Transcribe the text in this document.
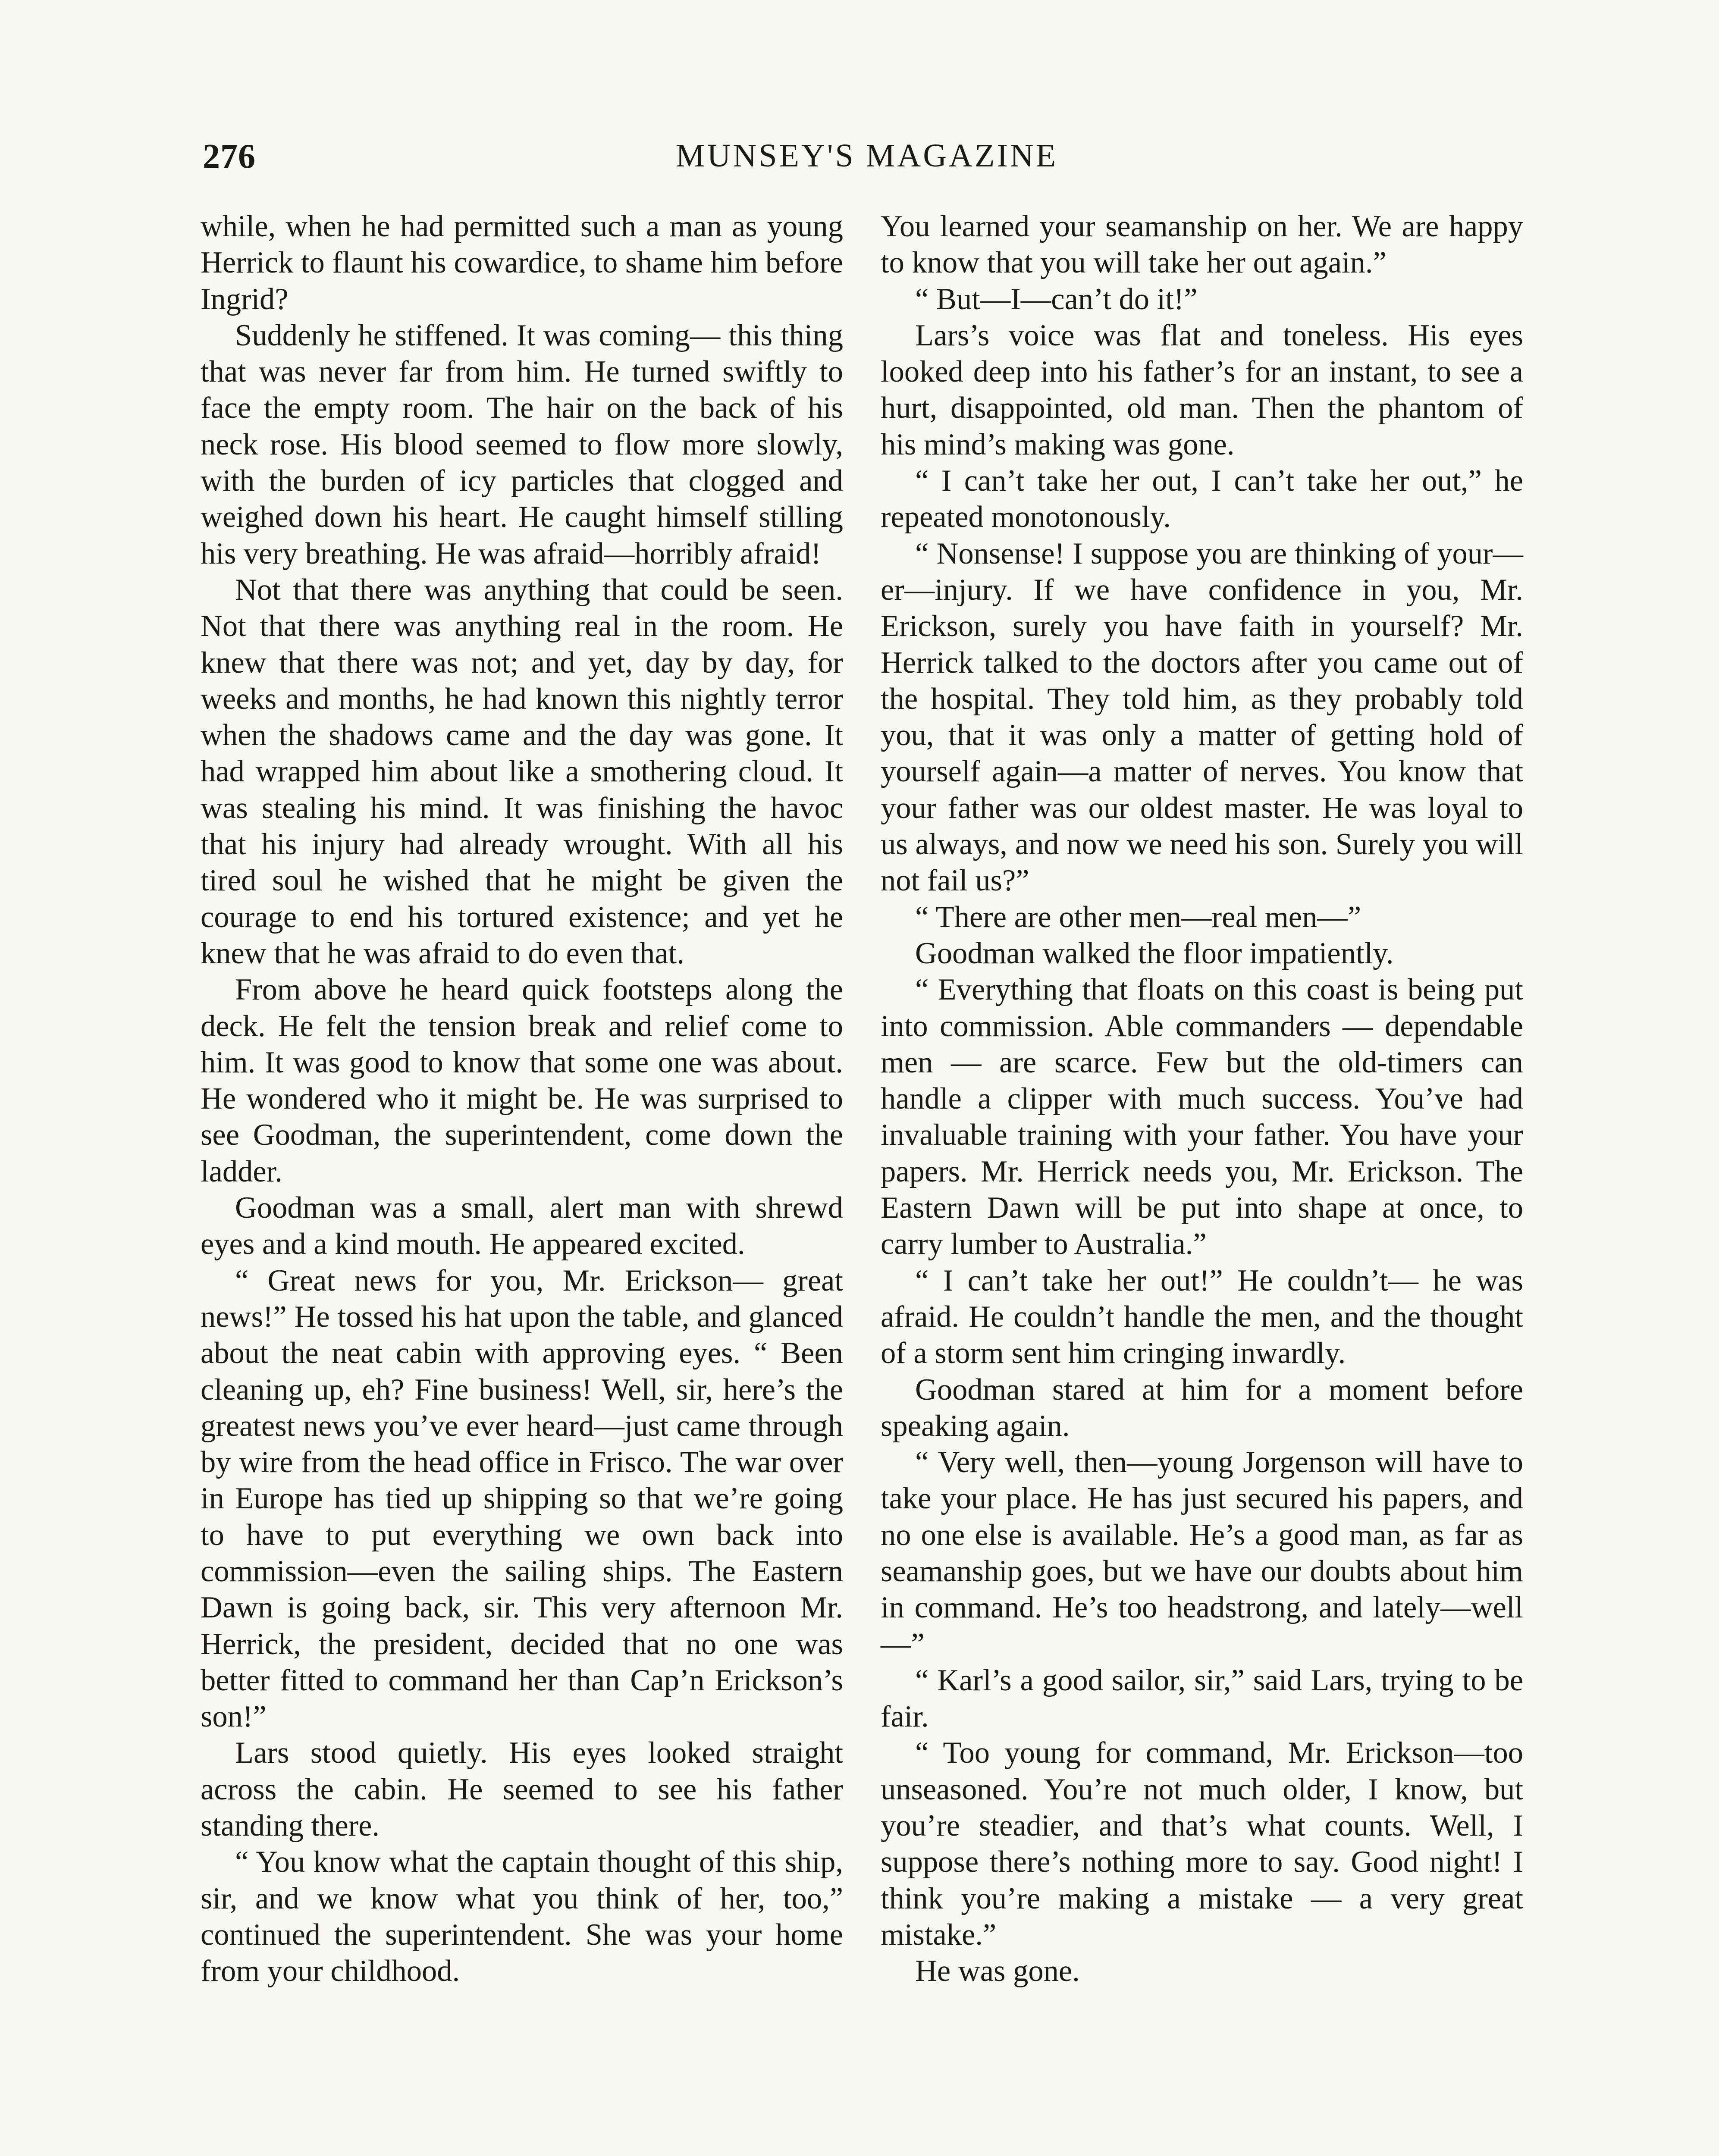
276	MUNSEY'S MAGAZINE

while, when he had permitted such a man as young Herrick to flaunt his cowardice, to shame him before Ingrid?

Suddenly he stiffened. It was coming— this thing that was never far from him. He turned swiftly to face the empty room. The hair on the back of his neck rose. His blood seemed to flow more slowly, with the burden of icy particles that clogged and weighed down his heart. He caught himself stilling his very breathing. He was afraid—horribly afraid!

Not that there was anything that could be seen. Not that there was anything real in the room. He knew that there was not; and yet, day by day, for weeks and months, he had known this nightly terror when the shadows came and the day was gone. It had wrapped him about like a smothering cloud. It was stealing his mind. It was finishing the havoc that his injury had already wrought. With all his tired soul he wished that he might be given the courage to end his tortured existence; and yet he knew that he was afraid to do even that.

From above he heard quick footsteps along the deck. He felt the tension break and relief come to him. It was good to know that some one was about. He wondered who it might be. He was surprised to see Goodman, the superintendent, come down the ladder.

Goodman was a small, alert man with shrewd eyes and a kind mouth. He appeared excited.

“ Great news for you, Mr. Erickson— great news!” He tossed his hat upon the table, and glanced about the neat cabin with approving eyes. “ Been cleaning up, eh? Fine business! Well, sir, here’s the greatest news you’ve ever heard—just came through by wire from the head office in Frisco. The war over in Europe has tied up shipping so that we’re going to have to put everything we own back into commission—even the sailing ships. The Eastern Dawn is going back, sir. This very afternoon Mr. Herrick, the president, decided that no one was better fitted to command her than Cap’n Erickson’s son!”

Lars stood quietly. His eyes looked straight across the cabin. He seemed to see his father standing there.

“ You know what the captain thought of this ship, sir, and we know what you think of her, too,” continued the superintendent. She was your home from your childhood.

You learned your seamanship on her. We are happy to know that you will take her out again.”

“ But—I—can’t do it!”

Lars’s voice was flat and toneless. His eyes looked deep into his father’s for an instant, to see a hurt, disappointed, old man. Then the phantom of his mind’s making was gone.

“ I can’t take her out, I can’t take her out,” he repeated monotonously.

“ Nonsense! I suppose you are thinking of your—er—injury. If we have confidence in you, Mr. Erickson, surely you have faith in yourself? Mr. Herrick talked to the doctors after you came out of the hospital. They told him, as they probably told you, that it was only a matter of getting hold of yourself again—a matter of nerves. You know that your father was our oldest master. He was loyal to us always, and now we need his son. Surely you will not fail us?”

“ There are other men—real men—”

Goodman walked the floor impatiently.

“ Everything that floats on this coast is being put into commission. Able commanders — dependable men — are scarce. Few but the old-timers can handle a clipper with much success. You’ve had invaluable training with your father. You have your papers. Mr. Herrick needs you, Mr. Erickson. The Eastern Dawn will be put into shape at once, to carry lumber to Australia.”

“ I can’t take her out!” He couldn’t— he was afraid. He couldn’t handle the men, and the thought of a storm sent him cringing inwardly.

Goodman stared at him for a moment before speaking again.

“ Very well, then—young Jorgenson will have to take your place. He has just secured his papers, and no one else is available. He’s a good man, as far as seamanship goes, but we have our doubts about him in command. He’s too headstrong, and lately—well—”

“ Karl’s a good sailor, sir,” said Lars, trying to be fair.

“ Too young for command, Mr. Erickson—too unseasoned. You’re not much older, I know, but you’re steadier, and that’s what counts. Well, I suppose there’s nothing more to say. Good night! I think you’re making a mistake — a very great mistake.”

He was gone.
